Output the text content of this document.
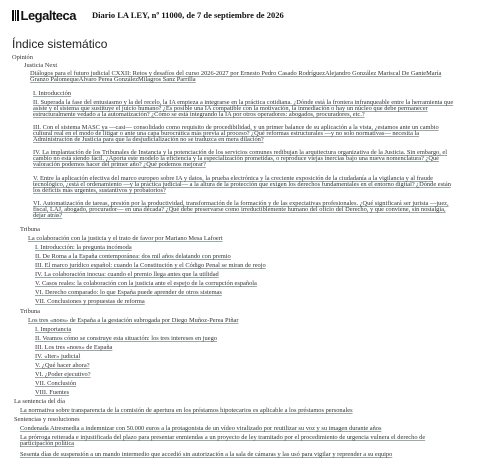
Legalteca Diario LA LEY, nº 11000, de 7 de septiembre de 2026
Índice sistemático
Opinión
Justicia Next
Diálogos para el futuro judicial CXXII: Retos y desafíos del curso 2026-2027 por Ernesto Pedro Casado RodríguezAlejandro González Mariscal De GanteMaría Granzo PalomequeAlvaro Perea GonzálezMilagros Sanz Parrilla
I. Introducción
II. Superada la fase del entusiasmo y la del recelo, la IA empieza a integrarse en la práctica cotidiana. ¿Dónde está la frontera infranqueable entre la herramienta que asiste y el sistema que sustituye el juicio humano? ¿Es posible una IA compatible con la motivación, la inmediación o hay un núcleo que debe permanecer estructuralmente vedado a la automatización? ¿Cómo se está integrando la IA por otros operadores: abogados, procuradores, etc.?
III. Con el sistema MASC ya —casi— consolidado como requisito de procedibilidad, y un primer balance de su aplicación a la vista, ¿estamos ante un cambio cultural real en el modo de litigar o ante una capa burocrática más previa al proceso? ¿Qué reformas estructurales —y no solo normativas— necesita la Administración de Justicia para que la desjudicialización no se traduzca en mera dilación?
IV. La implantación de los Tribunales de Instancia y la potenciación de los servicios comunes redibujan la arquitectura organizativa de la Justicia. Sin embargo, el cambio no está siendo fácil. ¿Aporta este modelo la eficiencia y la especialización prometidas, o reproduce viejas inercias bajo una nueva nomenclatura? ¿Qué valoración podemos hacer del primer año? ¿Qué podemos mejorar?
V. Entre la aplicación efectiva del marco europeo sobre IA y datos, la prueba electrónica y la creciente exposición de la ciudadanía a la vigilancia y al fraude tecnológico, ¿está el ordenamiento —y la práctica judicial— a la altura de la protección que exigen los derechos fundamentales en el entorno digital? ¿Dónde están los déficits más urgentes, sustantivos y probatorios?
VI. Automatización de tareas, presión por la productividad, transformación de la formación y de las expectativas profesionales. ¿Qué significará ser jurista —juez, fiscal, LAJ, abogado, procurador— en una década? ¿Qué debe preservarse como irreductiblemente humano del oficio del Derecho, y que conviene, sin nostalgia, dejar atrás?
Tribuna
La colaboración con la justicia y el trato de favor por Mariano Mesa Lafoert
I. Introducción: la pregunta incómoda
II. De Roma a la España contemporánea: dos mil años delatando con premio
III. El marco jurídico español: cuando la Constitución y el Código Penal se miran de reojo
IV. La colaboración inocua: cuando el premio llega antes que la utilidad
V. Casos reales: la colaboración con la justicia ante el espejo de la corrupción española
VI. Derecho comparado: lo que España puede aprender de otros sistemas
VII. Conclusiones y propuestas de reforma
Tribuna
Los tres «noes» de España a la gestación subrogada por Diego Muñoz-Perea Piñar
I. Importancia
II. Veamos cómo se construye esta situación: los tres intereses en juego
III. Los tres «noes» de España
IV. «Iter» judicial
V. ¿Qué hacer ahora?
VI. ¿Poder ejecutivo?
VII. Conclusión
VIII. Fuentes
La sentencia del día
La normativa sobre transparencia de la comisión de apertura en los préstamos hipotecarios es aplicable a los préstamos personales
Sentencias y resoluciones
Condenada Atresmedia a indemnizar con 50.000 euros a la protagonista de un vídeo viralizado por reutilizar su voz y su imagen durante años
La prórroga reiterada e injustificada del plazo para presentar enmiendas a un proyecto de ley tramitado por el procedimiento de urgencia vulnera el derecho de participación política
Sesenta días de suspensión a un mando intermedio que accedió sin autorización a la sala de cámaras y las usó para vigilar y reprender a su equipo
